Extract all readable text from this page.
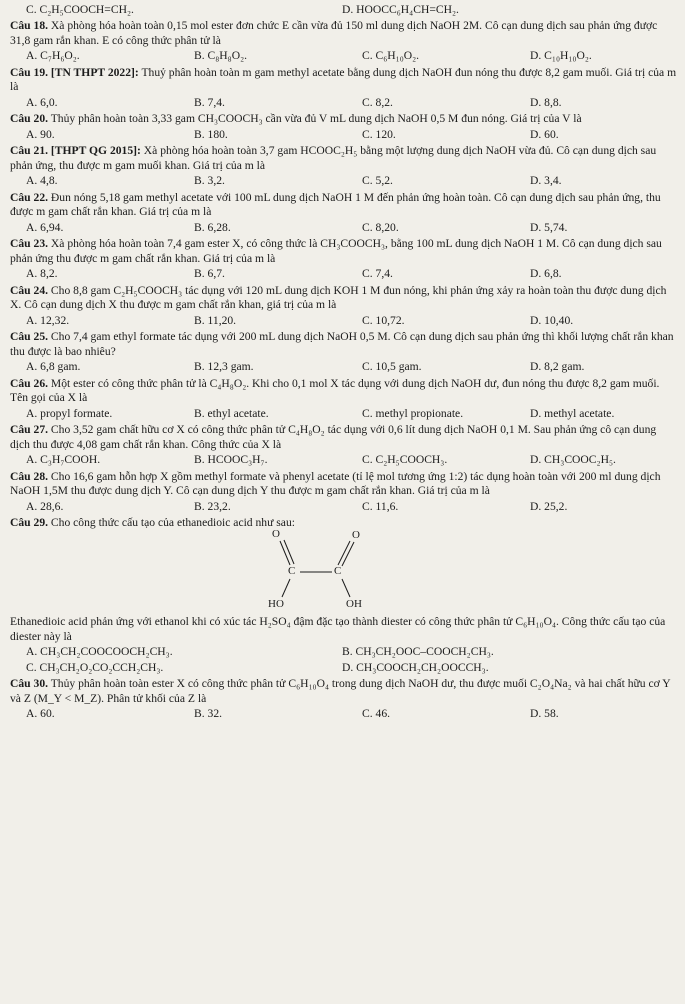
C. C₂H₅COOCH=CH₂.	D. HOOCC₆H₄CH=CH₂.

Câu 18. Xà phòng hóa hoàn toàn 0,15 mol ester đơn chức E cần vừa đủ 150 ml dung dịch NaOH 2M. Cô cạn dung dịch sau phản ứng được 31,8 gam rắn khan. E có công thức phân tử là

A. C₇H₆O₂.	B. C₈H₈O₂.	C. C₆H₁₀O₂.	D. C₁₀H₁₀O₂.

Câu 19. [TN THPT 2022]: Thuỷ phân hoàn toàn m gam methyl acetate bằng dung dịch NaOH đun nóng thu được 8,2 gam muối. Giá trị của m là

A. 6,0.	B. 7,4.	C. 8,2.	D. 8,8.

Câu 20. Thủy phân hoàn toàn 3,33 gam CH₃COOCH₃ cần vừa đủ V mL dung dịch NaOH 0,5 M đun nóng. Giá trị của V là

A. 90.	B. 180.	C. 120.	D. 60.

Câu 21. [THPT QG 2015]: Xà phòng hóa hoàn toàn 3,7 gam HCOOC₂H₅ bằng một lượng dung dịch NaOH vừa đủ. Cô cạn dung dịch sau phản ứng, thu được m gam muối khan. Giá trị của m là

A. 4,8.	B. 3,2.	C. 5,2.	D. 3,4.

Câu 22. Đun nóng 5,18 gam methyl acetate với 100 mL dung dịch NaOH 1 M đến phản ứng hoàn toàn. Cô cạn dung dịch sau phản ứng, thu được m gam chất rắn khan. Giá trị của m là

A. 6,94.	B. 6,28.	C. 8,20.	D. 5,74.

Câu 23. Xà phòng hóa hoàn toàn 7,4 gam ester X, có công thức là CH₃COOCH₃, bằng 100 mL dung dịch NaOH 1 M. Cô cạn dung dịch sau phản ứng thu được m gam chất rắn khan. Giá trị của m là

A. 8,2.	B. 6,7.	C. 7,4.	D. 6,8.

Câu 24. Cho 8,8 gam C₂H₅COOCH₃ tác dụng với 120 mL dung dịch KOH 1 M đun nóng, khi phản ứng xảy ra hoàn toàn thu được dung dịch X. Cô cạn dung dịch X thu được m gam chất rắn khan, giá trị của m là

A. 12,32.	B. 11,20.	C. 10,72.	D. 10,40.

Câu 25. Cho 7,4 gam ethyl formate tác dụng với 200 mL dung dịch NaOH 0,5 M. Cô cạn dung dịch sau phản ứng thì khối lượng chất rắn khan thu được là bao nhiêu?

A. 6,8 gam.	B. 12,3 gam.	C. 10,5 gam.	D. 8,2 gam.

Câu 26. Một ester có công thức phân tử là C₄H₈O₂. Khi cho 0,1 mol X tác dụng với dung dịch NaOH dư, đun nóng thu được 8,2 gam muối. Tên gọi của X là

A. propyl formate.	B. ethyl acetate.	C. methyl propionate.	D. methyl acetate.

Câu 27. Cho 3,52 gam chất hữu cơ X có công thức phân tử C₄H₈O₂ tác dụng với 0,6 lít dung dịch NaOH 0,1 M. Sau phản ứng cô cạn dung dịch thu được 4,08 gam chất rắn khan. Công thức của X là

A. C₃H₇COOH.	B. HCOOC₃H₇.	C. C₂H₅COOCH₃.	D. CH₃COOC₂H₅.

Câu 28. Cho 16,6 gam hỗn hợp X gồm methyl formate và phenyl acetate (tỉ lệ mol tương ứng 1:2) tác dụng hoàn toàn với 200 ml dung dịch NaOH 1,5M thu được dung dịch Y. Cô cạn dung dịch Y thu được m gam chất rắn khan. Giá trị của m là

A. 28,6.	B. 23,2.	C. 11,6.	D. 25,2.

Câu 29. Cho công thức cấu tạo của ethanedioic acid như sau:

O	O
C	C
HO	OH

Ethanedioic acid phản ứng với ethanol khi có xúc tác H₂SO₄ đậm đặc tạo thành diester có công thức phân tử C₆H₁₀O₄. Công thức cấu tạo của diester này là

A. CH₃CH₂COOCOOCH₂CH₃.	B. CH₃CH₂OOC–COOCH₂CH₃.
C. CH₃CH₂O₂CO₂CCH₂CH₃.	D. CH₃COOCH₂CH₂OOCCH₃.

Câu 30. Thủy phân hoàn toàn ester X có công thức phân tử C₆H₁₀O₄ trong dung dịch NaOH dư, thu được muối C₂O₄Na₂ và hai chất hữu cơ Y và Z (M_Y < M_Z). Phân tử khối của Z là

A. 60.	B. 32.	C. 46.	D. 58.
